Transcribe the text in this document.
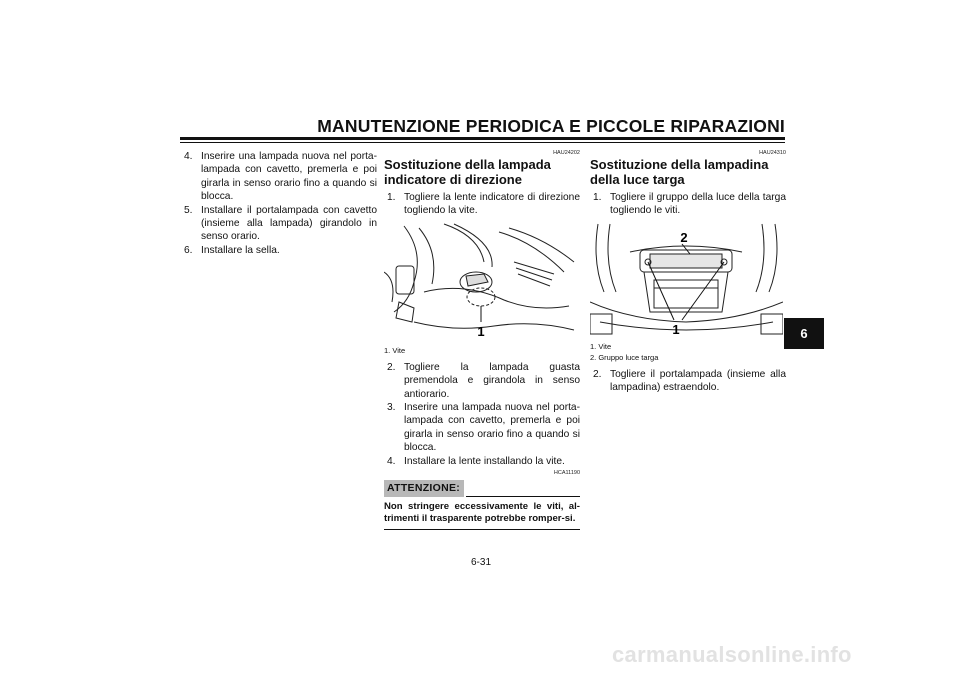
MANUTENZIONE PERIODICA E PICCOLE RIPARAZIONI
4. Inserire una lampada nuova nel porta-lampada con cavetto, premerla e poi girarla in senso orario fino a quando si blocca.
5. Installare il portalampada con cavetto (insieme alla lampada) girandolo in senso orario.
6. Installare la sella.
HAU24202
Sostituzione della lampada indicatore di direzione
1. Togliere la lente indicatore di direzione togliendo la vite.
1
1. Vite
2. Togliere la lampada guasta premendola e girandola in senso antiorario.
3. Inserire una lampada nuova nel porta-lampada con cavetto, premerla e poi girarla in senso orario fino a quando si blocca.
4. Installare la lente installando la vite.
HCA11190
ATTENZIONE:
Non stringere eccessivamente le viti, al-trimenti il trasparente potrebbe romper-si.
HAU24310
Sostituzione della lampadina della luce targa
1. Togliere il gruppo della luce della targa togliendo le viti.
1
2
1. Vite
2. Gruppo luce targa
2. Togliere il portalampada (insieme alla lampadina) estraendolo.
6
6-31
carmanualsonline.info
